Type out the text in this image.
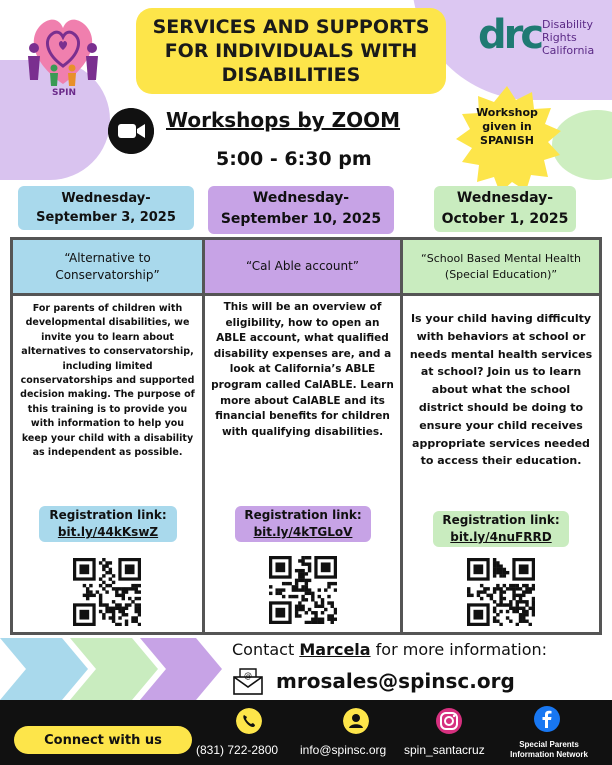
SPIN
SERVICES AND SUPPORTS
FOR INDIVIDUALS WITH
DISABILITIES
drc Disability
Rights
California
Workshops by ZOOM
5:00 - 6:30 pm
Workshop
given in
SPANISH
Wednesday-
September 3, 2025
Wednesday-
September 10, 2025
Wednesday-
October 1, 2025
“Alternative to Conservatorship”
For parents of children with developmental disabilities, we invite you to learn about alternatives to conservatorship, including limited conservatorships and supported decision making. The purpose of this training is to provide you with information to help you keep your child with a disability as independent as possible.
Registration link:
bit.ly/44kKswZ
“Cal Able account”
This will be an overview of eligibility, how to open an ABLE account, what qualified disability expenses are, and a look at California’s ABLE program called CalABLE. Learn more about CalABLE and its financial benefits for children with qualifying disabilities.
Registration link:
bit.ly/4kTGLoV
“School Based Mental Health (Special Education)”
Is your child having difficulty with behaviors at school or needs mental health services at school? Join us to learn about what the school district should be doing to ensure your child receives appropriate services needed to access their education.
Registration link:
bit.ly/4nuFRRD
Contact Marcela for more information:
@ mrosales@spinsc.org
Connect with us
(831) 722-2800 info@spinsc.org spin_santacruz	Special Parents
Information Network
